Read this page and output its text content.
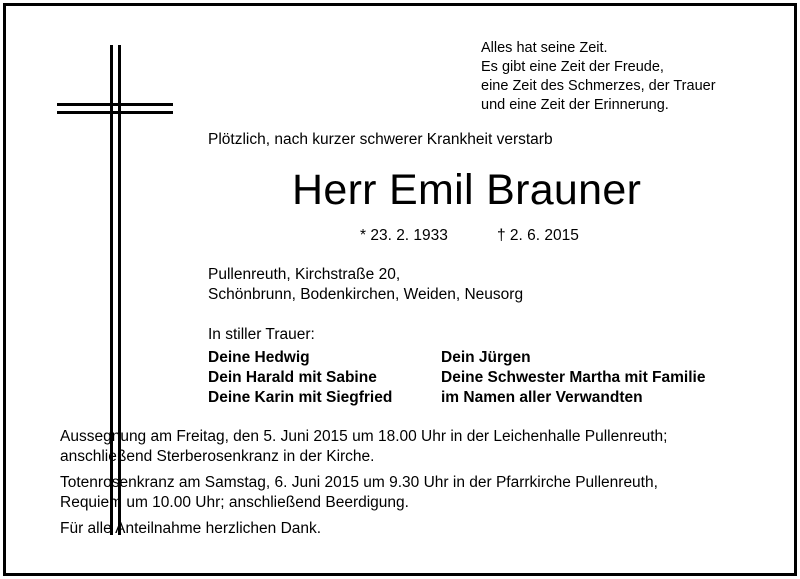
Alles hat seine Zeit.
Es gibt eine Zeit der Freude,
eine Zeit des Schmerzes, der Trauer
und eine Zeit der Erinnerung.
Plötzlich, nach kurzer schwerer Krankheit verstarb
Herr Emil Brauner
* 23. 2. 1933	† 2. 6. 2015
Pullenreuth, Kirchstraße 20,
Schönbrunn, Bodenkirchen, Weiden, Neusorg
In stiller Trauer:
Deine Hedwig
Dein Harald mit Sabine
Deine Karin mit Siegfried
Dein Jürgen
Deine Schwester Martha mit Familie
im Namen aller Verwandten
Aussegnung am Freitag, den 5. Juni 2015 um 18.00 Uhr in der Leichenhalle Pullenreuth;
anschließend Sterberosenkranz in der Kirche.
Totenrosenkranz am Samstag, 6. Juni 2015 um 9.30 Uhr in der Pfarrkirche Pullenreuth,
Requiem um 10.00 Uhr; anschließend Beerdigung.
Für alle Anteilnahme herzlichen Dank.
